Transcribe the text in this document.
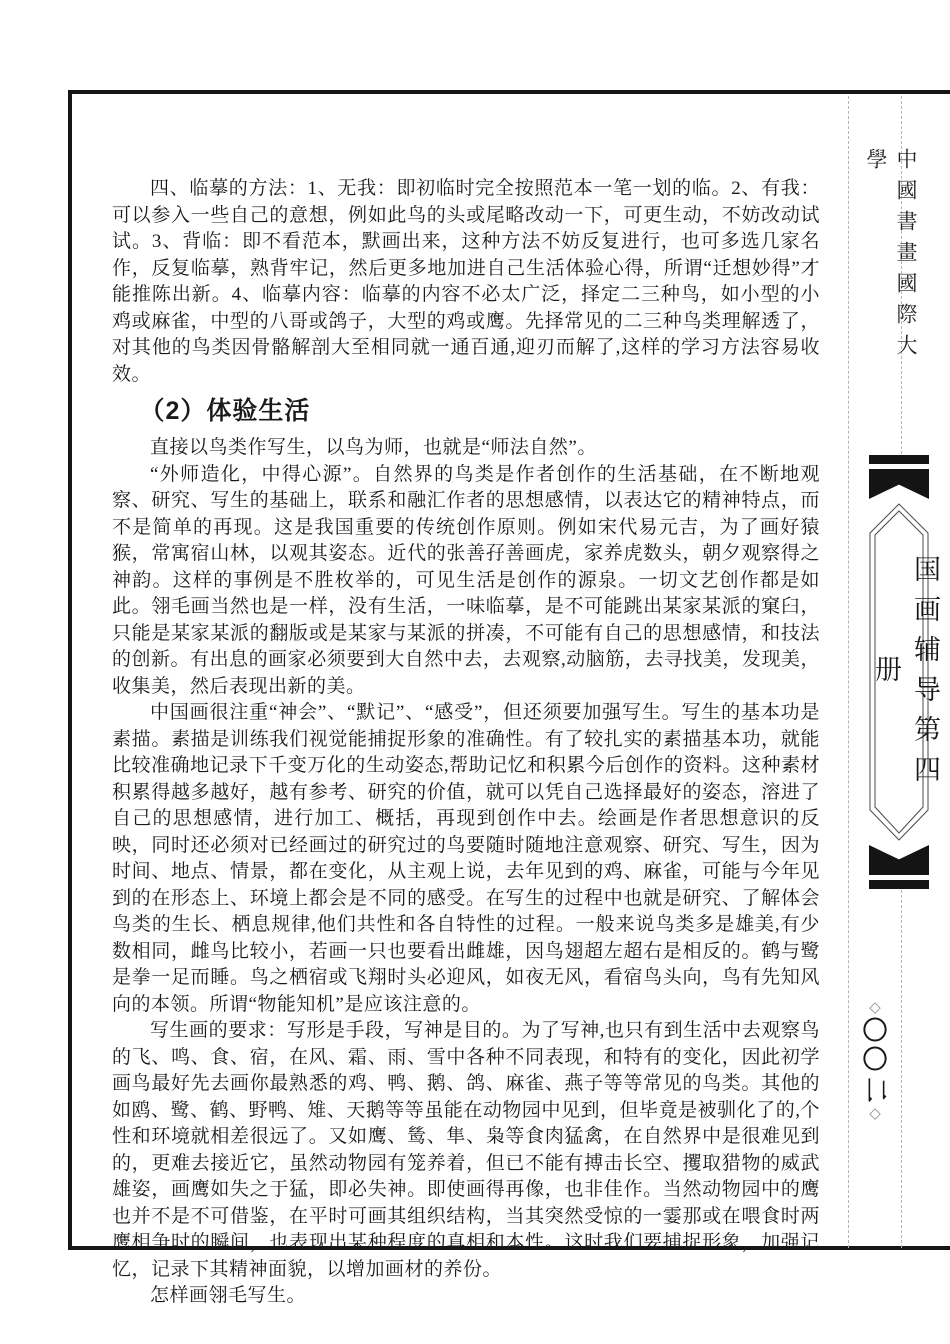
四、临摹的方法：1、无我：即初临时完全按照范本一笔一划的临。2、有我：可以参入一些自己的意想，例如此鸟的头或尾略改动一下，可更生动，不妨改动试试。3、背临：即不看范本，默画出来，这种方法不妨反复进行，也可多选几家名作，反复临摹，熟背牢记，然后更多地加进自己生活体验心得，所谓“迁想妙得”才能推陈出新。4、临摹内容：临摹的内容不必太广泛，择定二三种鸟，如小型的小鸡或麻雀，中型的八哥或鸽子，大型的鸡或鹰。先择常见的二三种鸟类理解透了，对其他的鸟类因骨骼解剖大至相同就一通百通,迎刃而解了,这样的学习方法容易收效。

（2）体验生活

直接以鸟类作写生，以鸟为师，也就是“师法自然”。

“外师造化，中得心源”。自然界的鸟类是作者创作的生活基础，在不断地观察、研究、写生的基础上，联系和融汇作者的思想感情，以表达它的精神特点，而不是简单的再现。这是我国重要的传统创作原则。例如宋代易元吉，为了画好猿猴，常寓宿山林，以观其姿态。近代的张善孖善画虎，家养虎数头，朝夕观察得之神韵。这样的事例是不胜枚举的，可见生活是创作的源泉。一切文艺创作都是如此。翎毛画当然也是一样，没有生活，一味临摹，是不可能跳出某家某派的窠臼，只能是某家某派的翻版或是某家与某派的拼凑，不可能有自己的思想感情，和技法的创新。有出息的画家必须要到大自然中去，去观察,动脑筋，去寻找美，发现美，收集美，然后表现出新的美。

中国画很注重“神会”、“默记”、“感受”，但还须要加强写生。写生的基本功是素描。素描是训练我们视觉能捕捉形象的准确性。有了较扎实的素描基本功，就能比较准确地记录下千变万化的生动姿态,帮助记忆和积累今后创作的资料。这种素材积累得越多越好，越有参考、研究的价值，就可以凭自己选择最好的姿态，溶进了自己的思想感情，进行加工、概括，再现到创作中去。绘画是作者思想意识的反映，同时还必须对已经画过的研究过的鸟要随时随地注意观察、研究、写生，因为时间、地点、情景，都在变化，从主观上说，去年见到的鸡、麻雀，可能与今年见到的在形态上、环境上都会是不同的感受。在写生的过程中也就是研究、了解体会鸟类的生长、栖息规律,他们共性和各自特性的过程。一般来说鸟类多是雄美,有少数相同，雌鸟比较小，若画一只也要看出雌雄，因鸟翅超左超右是相反的。鹤与鹭是拳一足而睡。鸟之栖宿或飞翔时头必迎风，如夜无风，看宿鸟头向，鸟有先知风向的本领。所谓“物能知机”是应该注意的。

写生画的要求：写形是手段，写神是目的。为了写神,也只有到生活中去观察鸟的飞、鸣、食、宿，在风、霜、雨、雪中各种不同表现，和特有的变化，因此初学画鸟最好先去画你最熟悉的鸡、鸭、鹅、鸽、麻雀、燕子等等常见的鸟类。其他的如鸥、鹭、鹤、野鸭、雉、天鹅等等虽能在动物园中见到，但毕竟是被驯化了的,个性和环境就相差很远了。又如鹰、鸶、隼、枭等食肉猛禽，在自然界中是很难见到的，更难去接近它，虽然动物园有笼养着，但已不能有搏击长空、攫取猎物的威武雄姿，画鹰如失之于猛，即必失神。即使画得再像，也非佳作。当然动物园中的鹰也并不是不可借鉴，在平时可画其组织结构，当其突然受惊的一霎那或在喂食时两鹰相争时的瞬间，也表现出某种程度的真相和本性。这时我们要捕捉形象，加强记忆，记录下其精神面貌，以增加画材的养份。

怎样画翎毛写生。

中國書畫國際大學
国画辅导第四册
◇
〇
〇
二
◇
